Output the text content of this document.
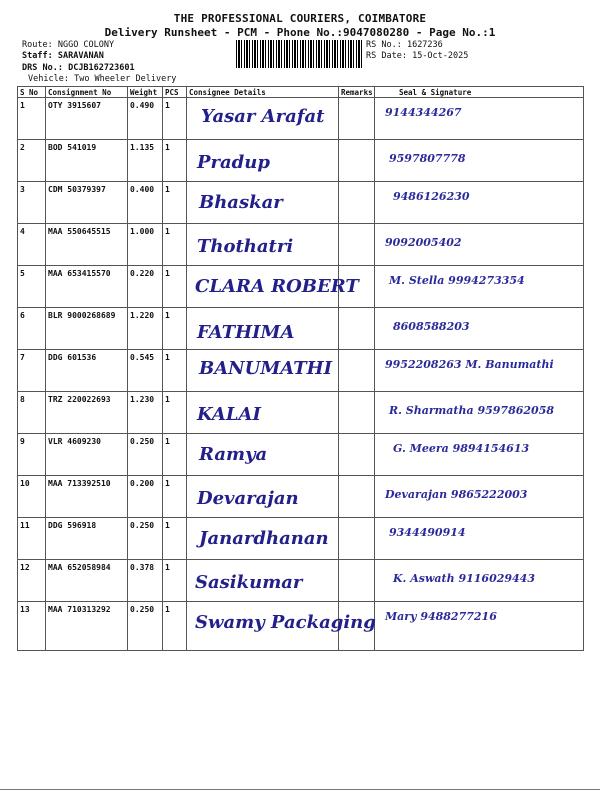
THE PROFESSIONAL COURIERS, COIMBATORE
Delivery Runsheet - PCM - Phone No.:9047080280 - Page No.:1
Route: NGGO COLONY
Staff: SARAVANAN
DRS No.: DCJB162723601
Vehicle: Two Wheeler Delivery
RS No.: 1627236
RS Date: 15-Oct-2025
S No	Consignment No	Weight	PCS	Consignee Details	Remarks	Seal & Signature
1	OTY 3915607	0.490	1	Yasar Arafat		9144344267

2	BOD 541019	1.135	1	Pradup		9597807778

3	CDM 50379397	0.400	1	Bhaskar		9486126230

4	MAA 550645515	1.000	1	Thothatri		9092005402

5	MAA 653415570	0.220	1	CLARA ROBERT		M. Stella 9994273354

6	BLR 9000268689	1.220	1	FATHIMA		8608588203

7	DDG 601536	0.545	1	BANUMATHI		9952208263 M. Banumathi

8	TRZ 220022693	1.230	1	KALAI		R. Sharmatha 9597862058

9	VLR 4609230	0.250	1	Ramya		G. Meera 9894154613

10	MAA 713392510	0.200	1	Devarajan		Devarajan 9865222003

11	DDG 596918	0.250	1	Janardhanan		9344490914

12	MAA 652058984	0.378	1	Sasikumar		K. Aswath 9116029443

13	MAA 710313292	0.250	1	Swamy Packaging		Mary 9488277216
